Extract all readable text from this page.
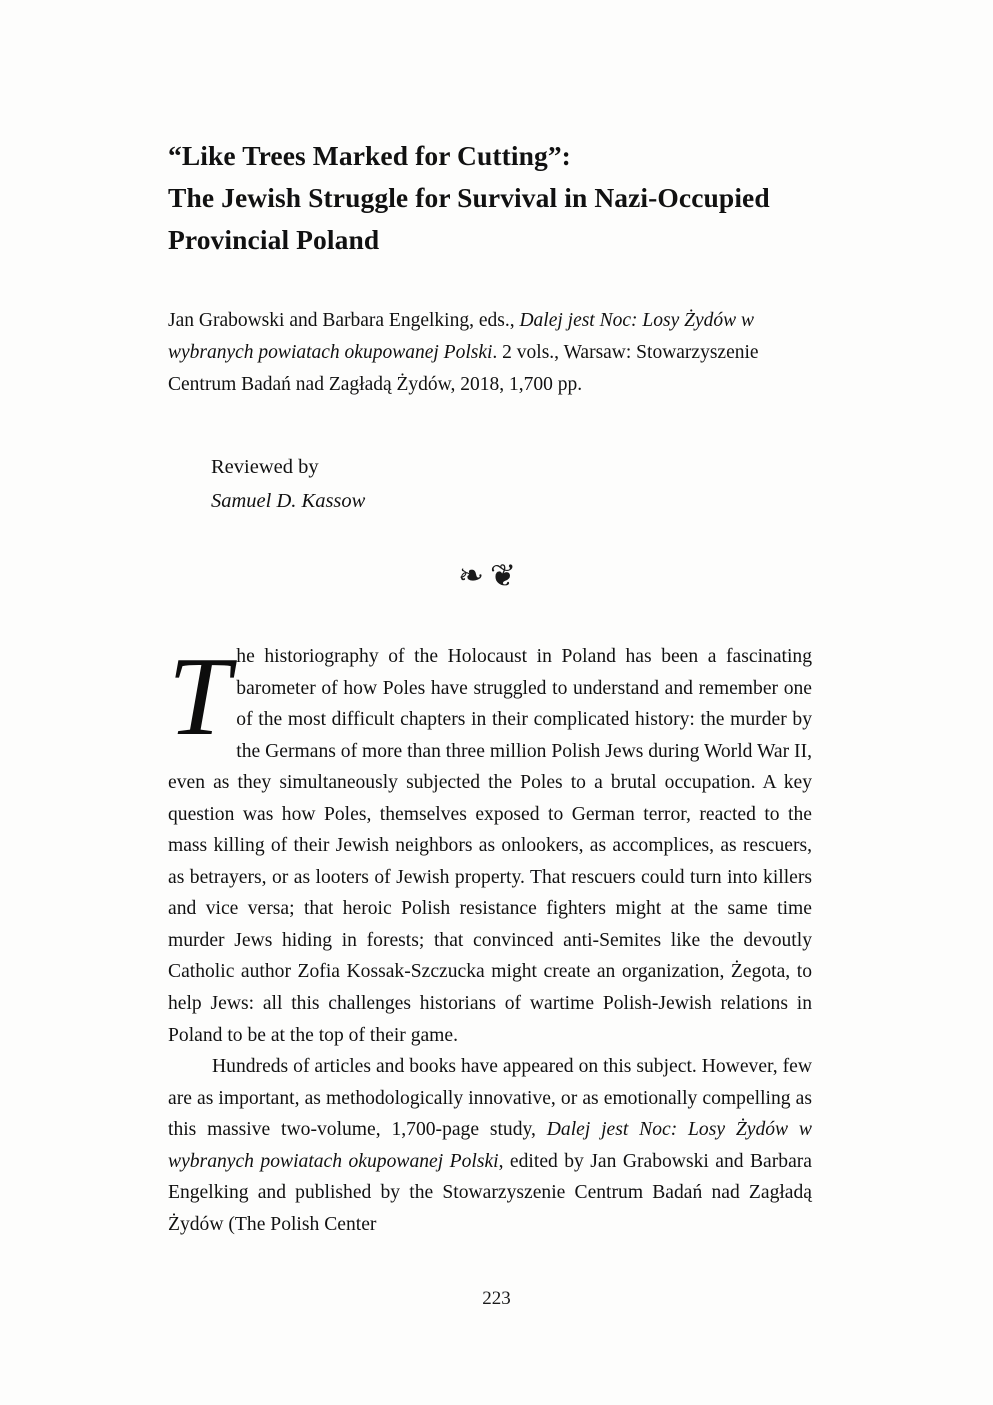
“Like Trees Marked for Cutting”:
The Jewish Struggle for Survival in Nazi-Occupied
Provincial Poland
Jan Grabowski and Barbara Engelking, eds., Dalej jest Noc: Losy Żydów w wybranych powiatach okupowanej Polski. 2 vols., Warsaw: Stowarzyszenie Centrum Badań nad Zagładą Żydów, 2018, 1,700 pp.
Reviewed by
Samuel D. Kassow
❧❦

The historiography of the Holocaust in Poland has been a fascinating barometer of how Poles have struggled to understand and remember one of the most difficult chapters in their complicated history: the murder by the Germans of more than three million Polish Jews during World War II, even as they simultaneously subjected the Poles to a brutal occupation. A key question was how Poles, themselves exposed to German terror, reacted to the mass killing of their Jewish neighbors as onlookers, as accomplices, as rescuers, as betrayers, or as looters of Jewish property. That rescuers could turn into killers and vice versa; that heroic Polish resistance fighters might at the same time murder Jews hiding in forests; that convinced anti-Semites like the devoutly Catholic author Zofia Kossak-Szczucka might create an organization, Żegota, to help Jews: all this challenges historians of wartime Polish-Jewish relations in Poland to be at the top of their game.

Hundreds of articles and books have appeared on this subject. However, few are as important, as methodologically innovative, or as emotionally compelling as this massive two-volume, 1,700-page study, Dalej jest Noc: Losy Żydów w wybranych powiatach okupowanej Polski, edited by Jan Grabowski and Barbara Engelking and published by the Stowarzyszenie Centrum Badań nad Zagładą Żydów (The Polish Center

223
